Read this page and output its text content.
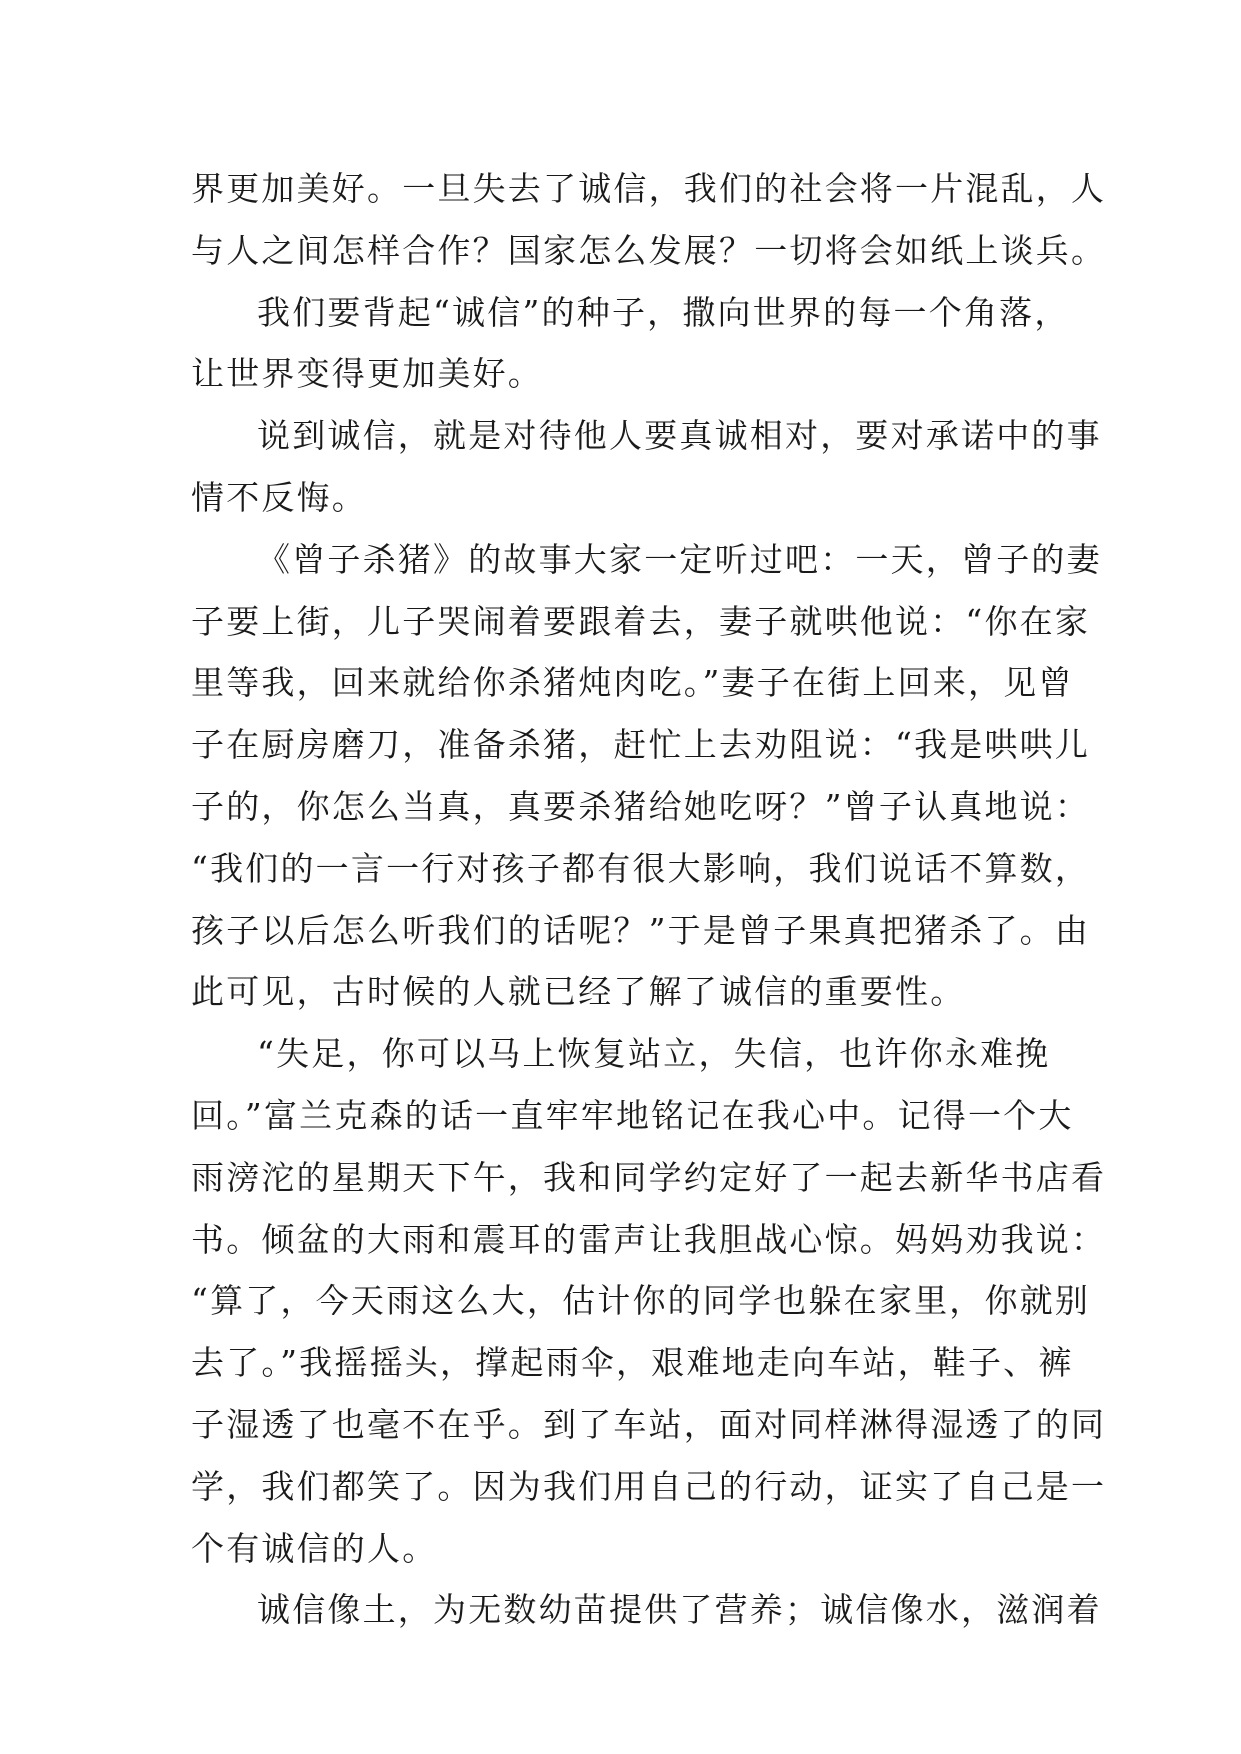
界更加美好。一旦失去了诚信，我们的社会将一片混乱，人
与人之间怎样合作？国家怎么发展？一切将会如纸上谈兵。
我们要背起“诚信”的种子，撒向世界的每一个角落，
让世界变得更加美好。
说到诚信，就是对待他人要真诚相对，要对承诺中的事
情不反悔。
《曾子杀猪》的故事大家一定听过吧：一天，曾子的妻
子要上街，儿子哭闹着要跟着去，妻子就哄他说：“你在家
里等我，回来就给你杀猪炖肉吃。”妻子在街上回来，见曾
子在厨房磨刀，准备杀猪，赶忙上去劝阻说：“我是哄哄儿
子的，你怎么当真，真要杀猪给她吃呀？”曾子认真地说：
“我们的一言一行对孩子都有很大影响，我们说话不算数，
孩子以后怎么听我们的话呢？”于是曾子果真把猪杀了。由
此可见，古时候的人就已经了解了诚信的重要性。
“失足，你可以马上恢复站立，失信，也许你永难挽
回。”富兰克森的话一直牢牢地铭记在我心中。记得一个大
雨滂沱的星期天下午，我和同学约定好了一起去新华书店看
书。倾盆的大雨和震耳的雷声让我胆战心惊。妈妈劝我说：
“算了，今天雨这么大，估计你的同学也躲在家里，你就别
去了。”我摇摇头，撑起雨伞，艰难地走向车站，鞋子、裤
子湿透了也毫不在乎。到了车站，面对同样淋得湿透了的同
学，我们都笑了。因为我们用自己的行动，证实了自己是一
个有诚信的人。
诚信像土，为无数幼苗提供了营养；诚信像水，滋润着
